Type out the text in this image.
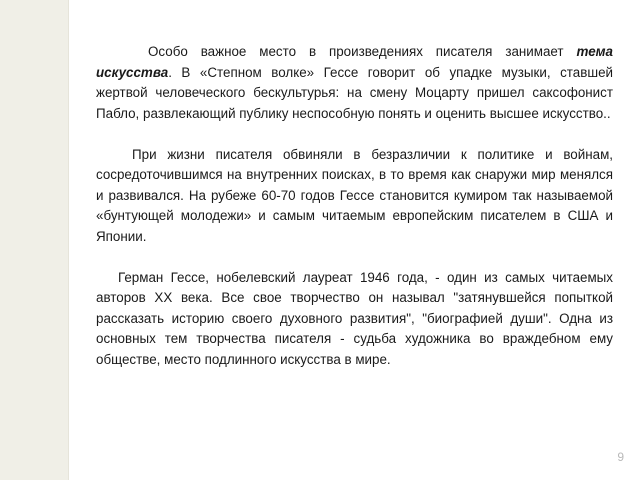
Особо важное место в произведениях писателя занимает тема искусства. В «Степном волке» Гессе говорит об упадке музыки, ставшей жертвой человеческого бескультурья: на смену Моцарту пришел саксофонист Пабло, развлекающий публику неспособную понять и оценить высшее искусство..

При жизни писателя обвиняли в безразличии к политике и войнам, сосредоточившимся на внутренних поисках, в то время как снаружи мир менялся и развивался. На рубеже 60-70 годов Гессе становится кумиром так называемой «бунтующей молодежи» и самым читаемым европейским писателем в США и Японии.

Герман Гессе, нобелевский лауреат 1946 года, - один из самых читаемых авторов XX века. Все свое творчество он называл "затянувшейся попыткой рассказать историю своего духовного развития", "биографией души". Одна из основных тем творчества писателя - судьба художника во враждебном ему обществе, место подлинного искусства в мире.

9
